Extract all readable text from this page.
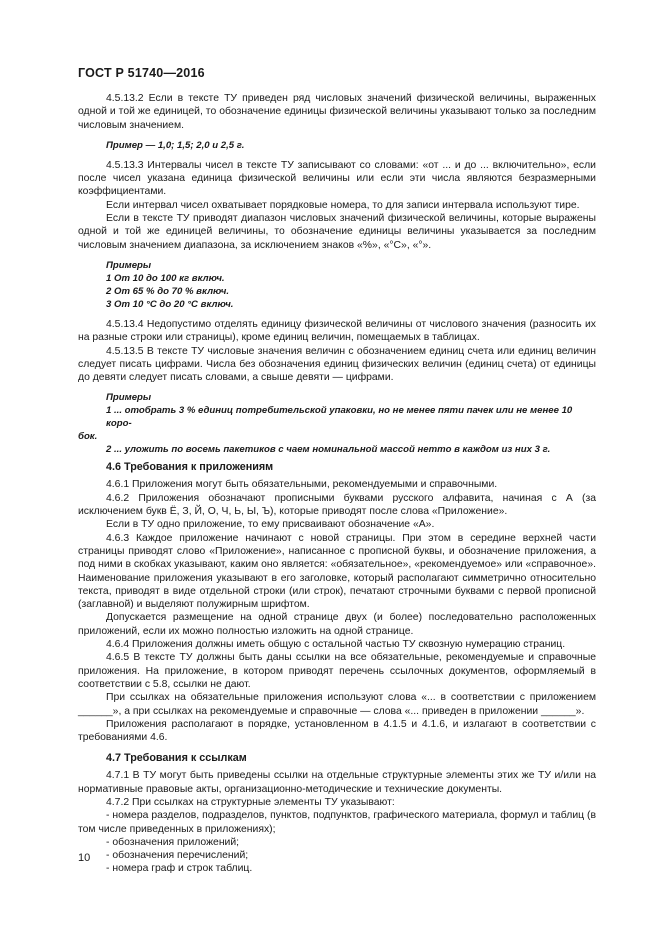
ГОСТ Р 51740—2016

4.5.13.2 Если в тексте ТУ приведен ряд числовых значений физической величины, выраженных одной и той же единицей, то обозначение единицы физической величины указывают только за последним числовым значением.

Пример — 1,0; 1,5; 2,0 и 2,5 г.

4.5.13.3 Интервалы чисел в тексте ТУ записывают со словами: «от ... и до ... включительно», если после чисел указана единица физической величины или если эти числа являются безразмерными коэффициентами.

Если интервал чисел охватывает порядковые номера, то для записи интервала используют тире.

Если в тексте ТУ приводят диапазон числовых значений физической величины, которые выражены одной и той же единицей величины, то обозначение единицы величины указывается за последним числовым значением диапазона, за исключением знаков «%», «°С», «°».

Примеры

1 От 10 до 100 кг включ.

2 От 65 % до 70 % включ.

3 От 10 °С до 20 °С включ.

4.5.13.4 Недопустимо отделять единицу физической величины от числового значения (разносить их на разные строки или страницы), кроме единиц величин, помещаемых в таблицах.

4.5.13.5 В тексте ТУ числовые значения величин с обозначением единиц счета или единиц величин следует писать цифрами. Числа без обозначения единиц физических величин (единиц счета) от единицы до девяти следует писать словами, а свыше девяти — цифрами.

Примеры

1 ... отобрать 3 % единиц потребительской упаковки, но не менее пяти пачек или не менее 10 коро-

бок.

2 ... уложить по восемь пакетиков с чаем номинальной массой нетто в каждом из них 3 г.

4.6 Требования к приложениям

4.6.1 Приложения могут быть обязательными, рекомендуемыми и справочными.

4.6.2 Приложения обозначают прописными буквами русского алфавита, начиная с А (за исключением букв Ё, З, Й, О, Ч, Ь, Ы, Ъ), которые приводят после слова «Приложение».

Если в ТУ одно приложение, то ему присваивают обозначение «А».

4.6.3 Каждое приложение начинают с новой страницы. При этом в середине верхней части страницы приводят слово «Приложение», написанное с прописной буквы, и обозначение приложения, а под ними в скобках указывают, каким оно является: «обязательное», «рекомендуемое» или «справочное». Наименование приложения указывают в его заголовке, который располагают симметрично относительно текста, приводят в виде отдельной строки (или строк), печатают строчными буквами с первой прописной (заглавной) и выделяют полужирным шрифтом.

Допускается размещение на одной странице двух (и более) последовательно расположенных приложений, если их можно полностью изложить на одной странице.

4.6.4 Приложения должны иметь общую с остальной частью ТУ сквозную нумерацию страниц.

4.6.5 В тексте ТУ должны быть даны ссылки на все обязательные, рекомендуемые и справочные приложения. На приложение, в котором приводят перечень ссылочных документов, оформляемый в соответствии с 5.8, ссылки не дают.

При ссылках на обязательные приложения используют слова «... в соответствии с приложением ______», а при ссылках на рекомендуемые и справочные — слова «... приведен в приложении ______».

Приложения располагают в порядке, установленном в 4.1.5 и 4.1.6, и излагают в соответствии с требованиями 4.6.

4.7 Требования к ссылкам

4.7.1 В ТУ могут быть приведены ссылки на отдельные структурные элементы этих же ТУ и/или на нормативные правовые акты, организационно-методические и технические документы.

4.7.2 При ссылках на структурные элементы ТУ указывают:

- номера разделов, подразделов, пунктов, подпунктов, графического материала, формул и таблиц (в том числе приведенных в приложениях);

- обозначения приложений;

- обозначения перечислений;

- номера граф и строк таблиц.

10
